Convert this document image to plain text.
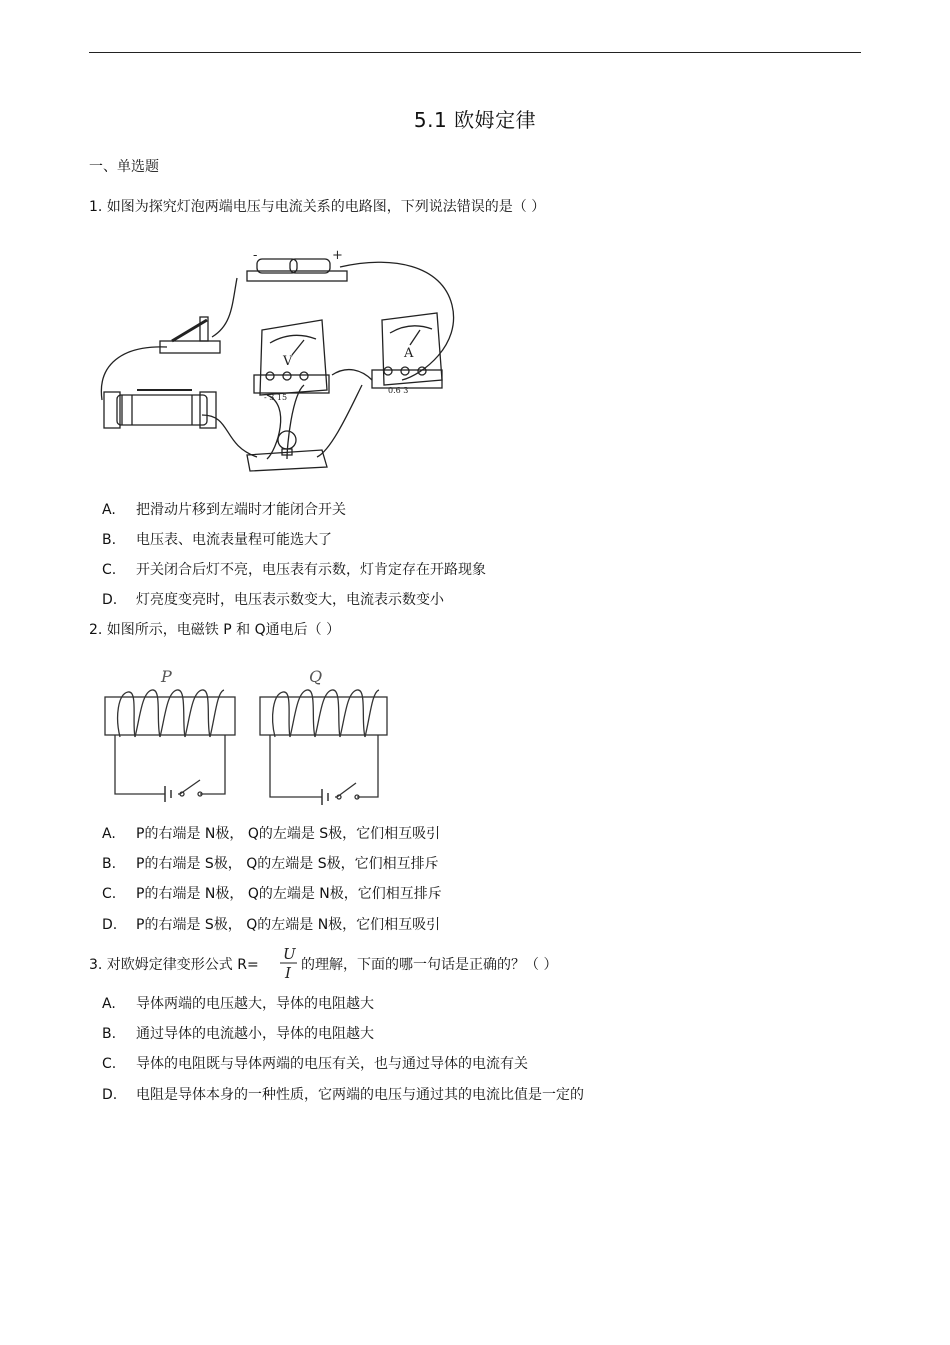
5.1 欧姆定律
一、单选题
1. 如图为探究灯泡两端电压与电流关系的电路图，下列说法错误的是（ ）
-	+
V
A
- 3 15
0.6 3
A. 把滑动片移到左端时才能闭合开关
B. 电压表、电流表量程可能选大了
C. 开关闭合后灯不亮，电压表有示数，灯肯定存在开路现象
D. 灯亮度变亮时，电压表示数变大，电流表示数变小
2. 如图所示，电磁铁 P 和 Q通电后（ ）
P	Q
A. P的右端是 N极， Q的左端是 S极，它们相互吸引
B. P的右端是 S极， Q的左端是 S极，它们相互排斥
C. P的右端是 N极， Q的左端是 N极，它们相互排斥
D. P的右端是 S极， Q的左端是 N极，它们相互吸引
3. 对欧姆定律变形公式 R=
U
I 的理解，下面的哪一句话是正确的？（ ）
A. 导体两端的电压越大，导体的电阻越大
B. 通过导体的电流越小，导体的电阻越大
C. 导体的电阻既与导体两端的电压有关，也与通过导体的电流有关
D. 电阻是导体本身的一种性质，它两端的电压与通过其的电流比值是一定的
